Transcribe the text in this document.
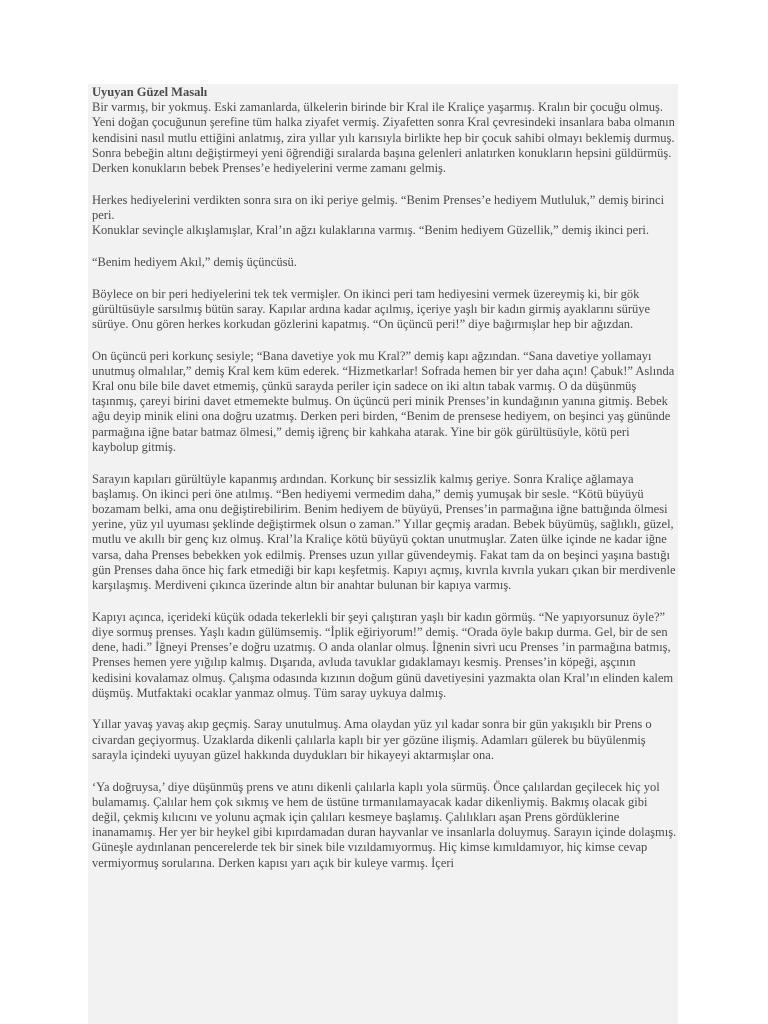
Uyuyan Güzel Masalı

Bir varmış, bir yokmuş. Eski zamanlarda, ülkelerin birinde bir Kral ile Kraliçe yaşarmış. Kralın bir çocuğu olmuş. Yeni doğan çocuğunun şerefine tüm halka ziyafet vermiş. Ziyafetten sonra Kral çevresindeki insanlara baba olmanın kendisini nasıl mutlu ettiğini anlatmış, zira yıllar yılı karısıyla birlikte hep bir çocuk sahibi olmayı beklemiş durmuş. Sonra bebeğin altını değiştirmeyi yeni öğrendiği sıralarda başına gelenleri anlatırken konukların hepsini güldürmüş. Derken konukların bebek Prenses’e hediyelerini verme zamanı gelmiş.

Herkes hediyelerini verdikten sonra sıra on iki periye gelmiş. “Benim Prenses’e hediyem Mutluluk,” demiş birinci peri.

Konuklar sevinçle alkışlamışlar, Kral’ın ağzı kulaklarına varmış. “Benim hediyem Güzellik,” demiş ikinci peri.

“Benim hediyem Akıl,” demiş üçüncüsü.

Böylece on bir peri hediyelerini tek tek vermişler. On ikinci peri tam hediyesini vermek üzereymiş ki, bir gök gürültüsüyle sarsılmış bütün saray. Kapılar ardına kadar açılmış, içeriye yaşlı bir kadın girmiş ayaklarını sürüye sürüye. Onu gören herkes korkudan gözlerini kapatmış. “On üçüncü peri!” diye bağırmışlar hep bir ağızdan.

On üçüncü peri korkunç sesiyle; “Bana davetiye yok mu Kral?” demiş kapı ağzından. “Sana davetiye yollamayı unutmuş olmalılar,” demiş Kral kem küm ederek. “Hizmetkarlar! Sofrada hemen bir yer daha açın! Çabuk!” Aslında Kral onu bile bile davet etmemiş, çünkü sarayda periler için sadece on iki altın tabak varmış. O da düşünmüş taşınmış, çareyi birini davet etmemekte bulmuş. On üçüncü peri minik Prenses’in kundağının yanına gitmiş. Bebek ağu deyip minik elini ona doğru uzatmış. Derken peri birden, “Benim de prensese hediyem, on beşinci yaş gününde parmağına iğne batar batmaz ölmesi,” demiş iğrenç bir kahkaha atarak. Yine bir gök gürültüsüyle, kötü peri kaybolup gitmiş.

Sarayın kapıları gürültüyle kapanmış ardından. Korkunç bir sessizlik kalmış geriye. Sonra Kraliçe ağlamaya başlamış. On ikinci peri öne atılmış. “Ben hediyemi vermedim daha,” demiş yumuşak bir sesle. “Kötü büyüyü bozamam belki, ama onu değiştirebilirim. Benim hediyem de büyüyü, Prenses’in parmağına iğne battığında ölmesi yerine, yüz yıl uyuması şeklinde değiştirmek olsun o zaman.” Yıllar geçmiş aradan. Bebek büyümüş, sağlıklı, güzel, mutlu ve akıllı bir genç kız olmuş. Kral’la Kraliçe kötü büyüyü çoktan unutmuşlar. Zaten ülke içinde ne kadar iğne varsa, daha Prenses bebekken yok edilmiş. Prenses uzun yıllar güvendeymiş. Fakat tam da on beşinci yaşına bastığı gün Prenses daha önce hiç fark etmediği bir kapı keşfetmiş. Kapıyı açmış, kıvrıla kıvrıla yukarı çıkan bir merdivenle karşılaşmış. Merdiveni çıkınca üzerinde altın bir anahtar bulunan bir kapıya varmış.

Kapıyı açınca, içerideki küçük odada tekerlekli bir şeyi çalıştıran yaşlı bir kadın görmüş. “Ne yapıyorsunuz öyle?” diye sormuş prenses. Yaşlı kadın gülümsemiş. “İplik eğiriyorum!” demiş. “Orada öyle bakıp durma. Gel, bir de sen dene, hadi.” İğneyi Prenses’e doğru uzatmış. O anda olanlar olmuş. İğnenin sivri ucu Prenses ’in parmağına batmış, Prenses hemen yere yığılıp kalmış. Dışarıda, avluda tavuklar gıdaklamayı kesmiş. Prenses’in köpeği, aşçının kedisini kovalamaz olmuş. Çalışma odasında kızının doğum günü davetiyesini yazmakta olan Kral’ın elinden kalem düşmüş. Mutfaktaki ocaklar yanmaz olmuş. Tüm saray uykuya dalmış.

Yıllar yavaş yavaş akıp geçmiş. Saray unutulmuş. Ama olaydan yüz yıl kadar sonra bir gün yakışıklı bir Prens o civardan geçiyormuş. Uzaklarda dikenli çalılarla kaplı bir yer gözüne ilişmiş. Adamları gülerek bu büyülenmiş sarayla içindeki uyuyan güzel hakkında duydukları bir hikayeyi aktarmışlar ona.

‘Ya doğruysa,’ diye düşünmüş prens ve atını dikenli çalılarla kaplı yola sürmüş. Önce çalılardan geçilecek hiç yol bulamamış. Çalılar hem çok sıkmış ve hem de üstüne tırmanılamayacak kadar dikenliymiş. Bakmış olacak gibi değil, çekmiş kılıcını ve yolunu açmak için çalıları kesmeye başlamış. Çalılıkları aşan Prens gördüklerine inanamamış. Her yer bir heykel gibi kıpırdamadan duran hayvanlar ve insanlarla doluymuş. Sarayın içinde dolaşmış. Güneşle aydınlanan pencerelerde tek bir sinek bile vızıldamıyormuş. Hiç kimse kımıldamıyor, hiç kimse cevap vermiyormuş sorularına. Derken kapısı yarı açık bir kuleye varmış. İçeri
